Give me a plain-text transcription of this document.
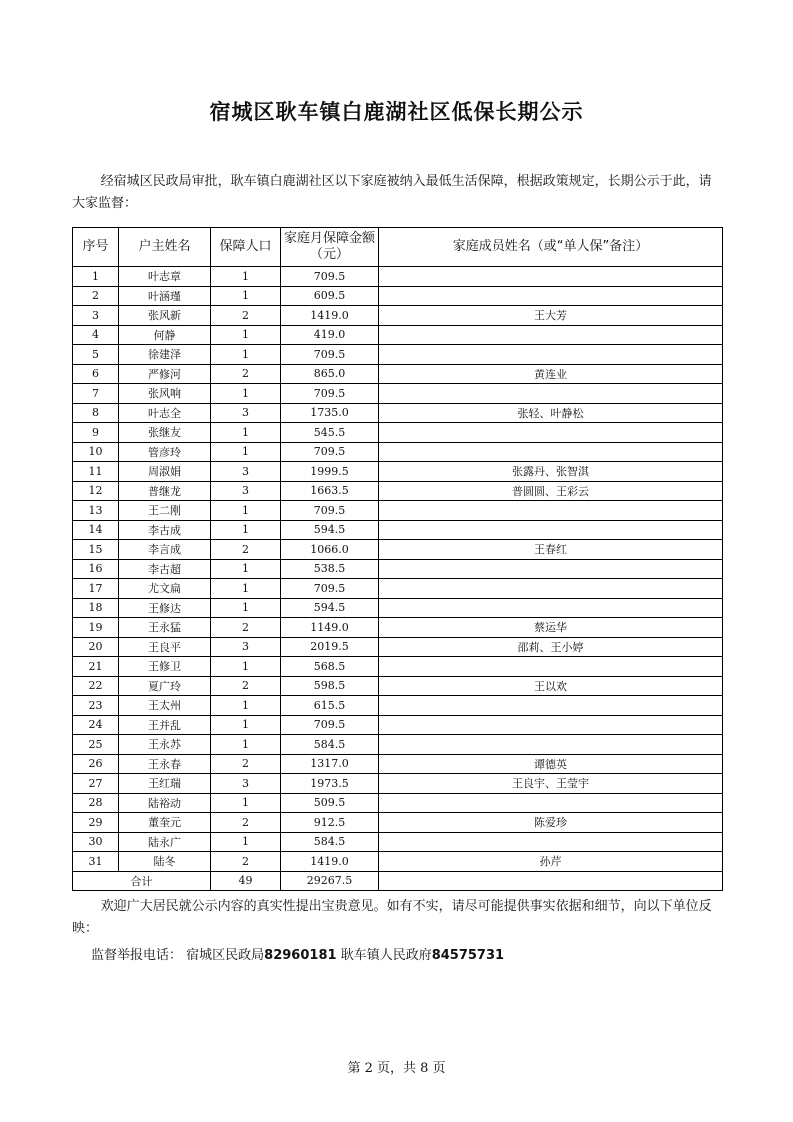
宿城区耿车镇白鹿湖社区低保长期公示

经宿城区民政局审批，耿车镇白鹿湖社区以下家庭被纳入最低生活保障，根据政策规定，长期公示于此，请大家监督：

序号	户主姓名	保障人口	家庭月保障金额（元）	家庭成员姓名（或“单人保”备注）
1	叶志章	1	709.5	
2	叶涵瑾	1	609.5	
3	张风新	2	1419.0	王大芳
4	何静	1	419.0	
5	徐建泽	1	709.5	
6	严修河	2	865.0	黄连业
7	张风响	1	709.5	
8	叶志全	3	1735.0	张轻、叶静松
9	张继友	1	545.5	
10	管彦玲	1	709.5	
11	周淑娟	3	1999.5	张露丹、张智淇
12	普继龙	3	1663.5	普圆圆、王彩云
13	王二刚	1	709.5	
14	李古成	1	594.5	
15	李言成	2	1066.0	王春红
16	李古超	1	538.5	
17	尤文扁	1	709.5	
18	王修达	1	594.5	
19	王永猛	2	1149.0	蔡运华
20	王良平	3	2019.5	邵莉、王小婷
21	王修卫	1	568.5	
22	夏广玲	2	598.5	王以欢
23	王太州	1	615.5	
24	王并乱	1	709.5	
25	王永苏	1	584.5	
26	王永春	2	1317.0	谭德英
27	王红瑞	3	1973.5	王良宇、王莹宇
28	陆裕动	1	509.5	
29	董奎元	2	912.5	陈爱珍
30	陆永广	1	584.5	
31	陆冬	2	1419.0	孙芹
合计		49	29267.5	

欢迎广大居民就公示内容的真实性提出宝贵意见。如有不实，请尽可能提供事实依据和细节，向以下单位反映：

监督举报电话： 宿城区民政局82960181 耿车镇人民政府84575731
第 2 页，共 8 页
